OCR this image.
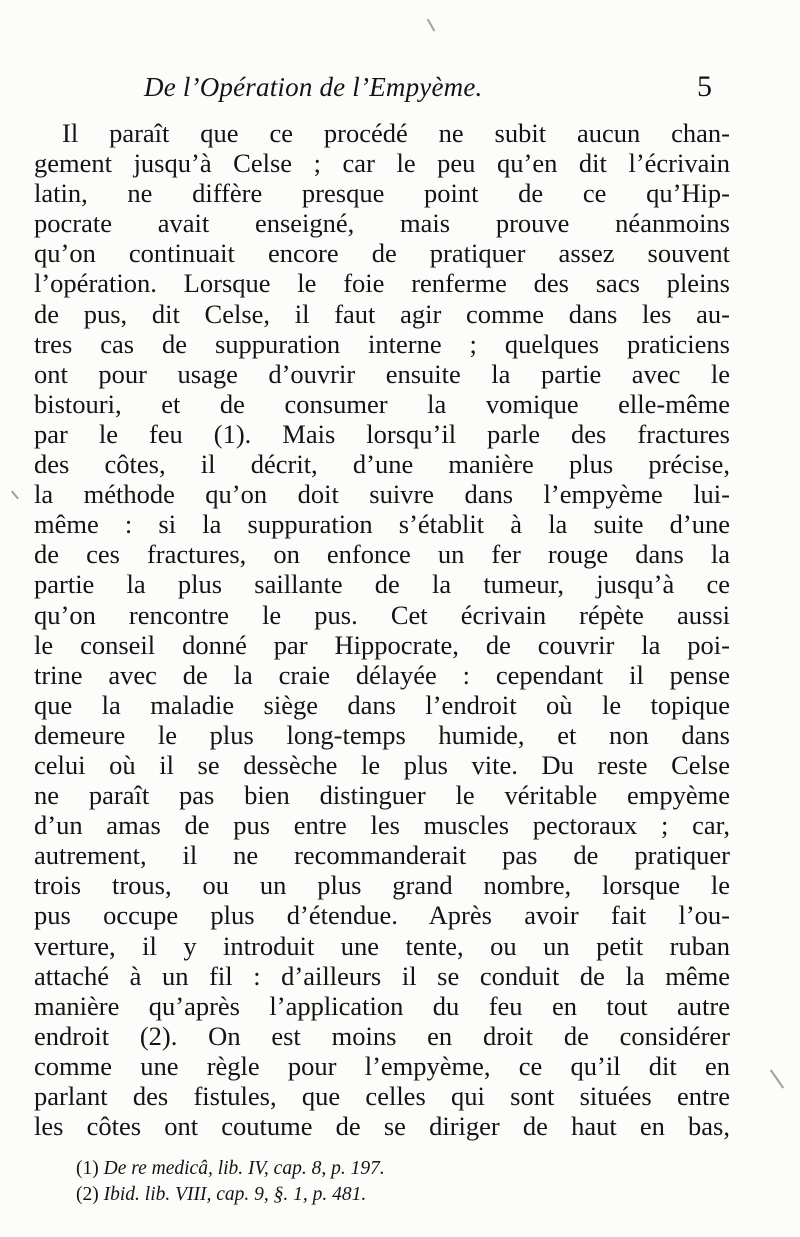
De l’Opération de l’Empyème.	5
Il paraît que ce procédé ne subit aucun chan-
gement jusqu’à Celse ; car le peu qu’en dit l’écrivain
latin, ne diffère presque point de ce qu’Hip-
pocrate avait enseigné, mais prouve néanmoins
qu’on continuait encore de pratiquer assez souvent
l’opération. Lorsque le foie renferme des sacs pleins
de pus, dit Celse, il faut agir comme dans les au-
tres cas de suppuration interne ; quelques praticiens
ont pour usage d’ouvrir ensuite la partie avec le
bistouri, et de consumer la vomique elle-même
par le feu (1). Mais lorsqu’il parle des fractures
des côtes, il décrit, d’une manière plus précise,
la méthode qu’on doit suivre dans l’empyème lui-
même : si la suppuration s’établit à la suite d’une
de ces fractures, on enfonce un fer rouge dans la
partie la plus saillante de la tumeur, jusqu’à ce
qu’on rencontre le pus. Cet écrivain répète aussi
le conseil donné par Hippocrate, de couvrir la poi-
trine avec de la craie délayée : cependant il pense
que la maladie siège dans l’endroit où le topique
demeure le plus long-temps humide, et non dans
celui où il se dessèche le plus vite. Du reste Celse
ne paraît pas bien distinguer le véritable empyème
d’un amas de pus entre les muscles pectoraux ; car,
autrement, il ne recommanderait pas de pratiquer
trois trous, ou un plus grand nombre, lorsque le
pus occupe plus d’étendue. Après avoir fait l’ou-
verture, il y introduit une tente, ou un petit ruban
attaché à un fil : d’ailleurs il se conduit de la même
manière qu’après l’application du feu en tout autre
endroit (2). On est moins en droit de considérer
comme une règle pour l’empyème, ce qu’il dit en
parlant des fistules, que celles qui sont situées entre
les côtes ont coutume de se diriger de haut en bas,
(1) De re medicâ, lib. IV, cap. 8, p. 197.
(2) Ibid. lib. VIII, cap. 9, §. 1, p. 481.
